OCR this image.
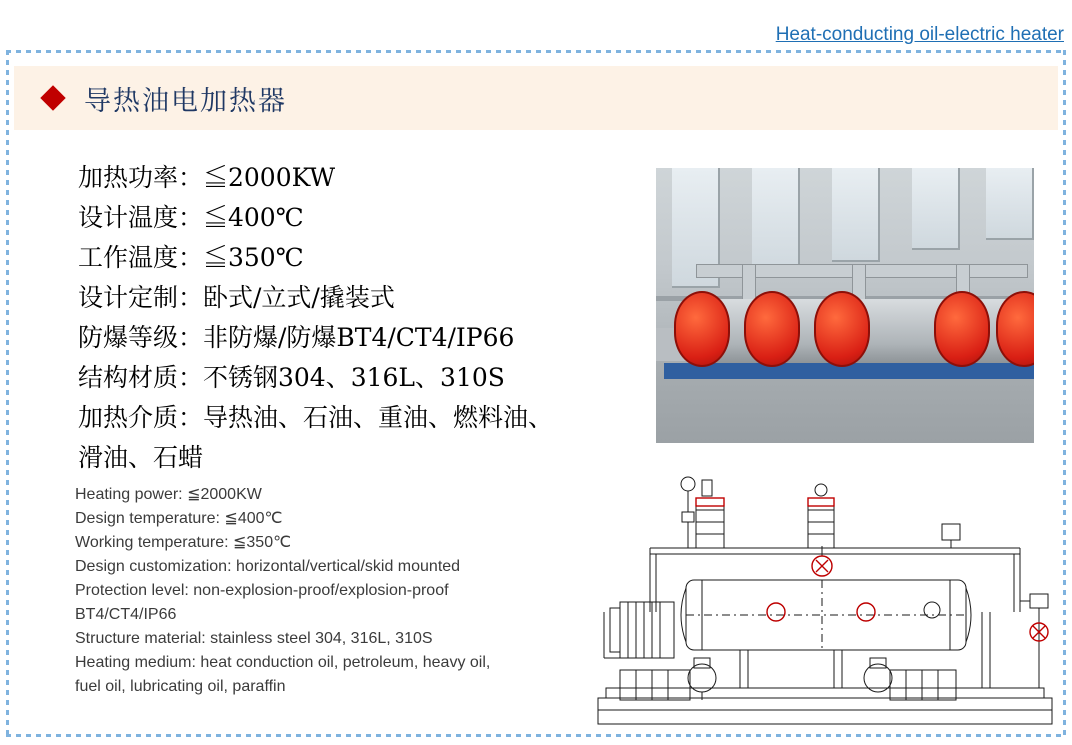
Heat-conducting oil-electric heater
导热油电加热器
加热功率：≦2000KW
设计温度：≦400℃
工作温度：≦350℃
设计定制：卧式/立式/撬装式
防爆等级：非防爆/防爆BT4/CT4/IP66
结构材质：不锈钢304、316L、310S
加热介质：导热油、石油、重油、燃料油、
滑油、石蜡
Heating power: ≦2000KW
Design temperature: ≦400℃
Working temperature: ≦350℃
Design customization: horizontal/vertical/skid mounted
Protection level: non-explosion-proof/explosion-proof
BT4/CT4/IP66
Structure material: stainless steel 304, 316L, 310S
Heating medium: heat conduction oil, petroleum, heavy oil,
fuel oil, lubricating oil, paraffin
